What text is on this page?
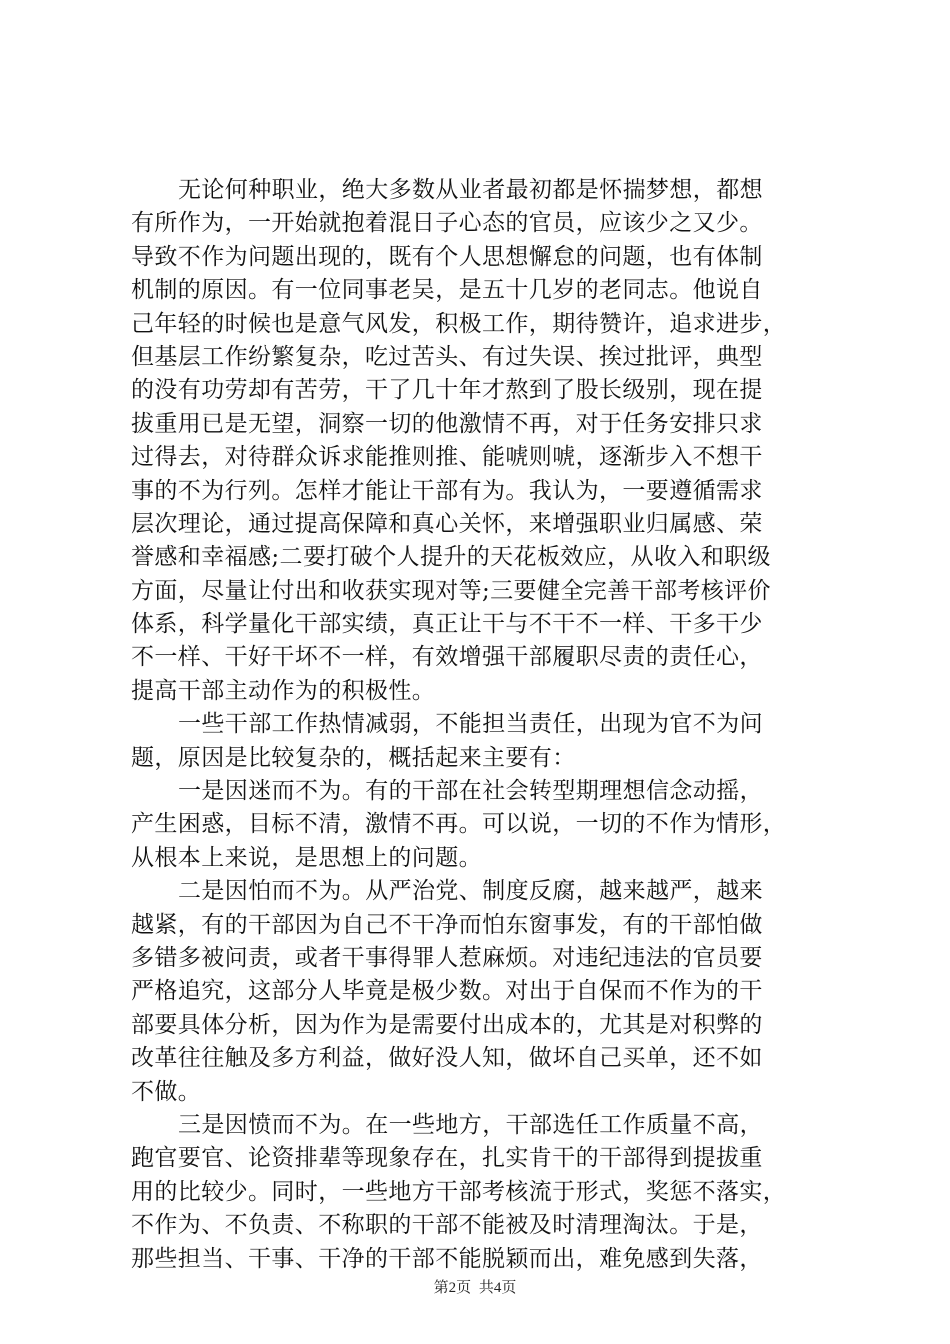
无论何种职业，绝大多数从业者最初都是怀揣梦想，都想
有所作为，一开始就抱着混日子心态的官员，应该少之又少。
导致不作为问题出现的，既有个人思想懈怠的问题，也有体制
机制的原因。有一位同事老吴，是五十几岁的老同志。他说自
己年轻的时候也是意气风发，积极工作，期待赞许，追求进步，
但基层工作纷繁复杂，吃过苦头、有过失误、挨过批评，典型
的没有功劳却有苦劳，干了几十年才熬到了股长级别，现在提
拔重用已是无望，洞察一切的他激情不再，对于任务安排只求
过得去，对待群众诉求能推则推、能唬则唬，逐渐步入不想干
事的不为行列。怎样才能让干部有为。我认为，一要遵循需求
层次理论，通过提高保障和真心关怀，来增强职业归属感、荣
誉感和幸福感;二要打破个人提升的天花板效应，从收入和职级
方面，尽量让付出和收获实现对等;三要健全完善干部考核评价
体系，科学量化干部实绩，真正让干与不干不一样、干多干少
不一样、干好干坏不一样，有效增强干部履职尽责的责任心，
提高干部主动作为的积极性。
一些干部工作热情减弱，不能担当责任，出现为官不为问
题，原因是比较复杂的，概括起来主要有：
一是因迷而不为。有的干部在社会转型期理想信念动摇，
产生困惑，目标不清，激情不再。可以说，一切的不作为情形，
从根本上来说，是思想上的问题。
二是因怕而不为。从严治党、制度反腐，越来越严，越来
越紧，有的干部因为自己不干净而怕东窗事发，有的干部怕做
多错多被问责，或者干事得罪人惹麻烦。对违纪违法的官员要
严格追究，这部分人毕竟是极少数。对出于自保而不作为的干
部要具体分析，因为作为是需要付出成本的，尤其是对积弊的
改革往往触及多方利益，做好没人知，做坏自己买单，还不如
不做。
三是因愤而不为。在一些地方，干部选任工作质量不高，
跑官要官、论资排辈等现象存在，扎实肯干的干部得到提拔重
用的比较少。同时，一些地方干部考核流于形式，奖惩不落实，
不作为、不负责、不称职的干部不能被及时清理淘汰。于是，
那些担当、干事、干净的干部不能脱颖而出，难免感到失落，
第2页 共4页
